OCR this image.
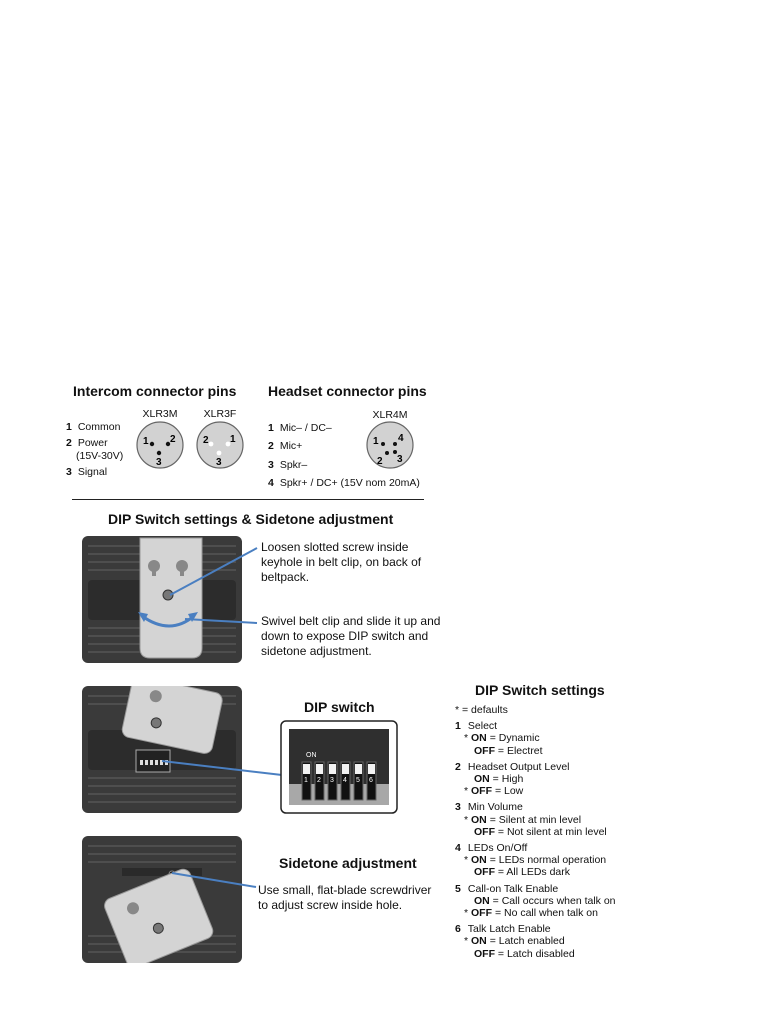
Intercom connector pins Headset connector pins
XLR3M	XLR3F	XLR4M
1 Common
2 Power
(15V-30V)
3 Signal
1 2
3
2 1
3
1 4
2 3
1 Mic– / DC–
2 Mic+
3 Spkr–
4 Spkr+ / DC+ (15V nom 20mA)
DIP Switch settings & Sidetone adjustment
Loosen slotted screw inside keyhole in belt clip, on back of beltpack.
Swivel belt clip and slide it up and down to expose DIP switch and sidetone adjustment.
DIP switch
ON
1 2 3 4 5 6
Sidetone adjustment
Use small, flat-blade screwdriver to adjust screw inside hole.
DIP Switch settings
* = defaults
1 Select
* ON = Dynamic
OFF = Electret
2 Headset Output Level
ON = High
* OFF = Low
3 Min Volume
* ON = Silent at min level
OFF = Not silent at min level
4 LEDs On/Off
* ON = LEDs normal operation
OFF = All LEDs dark
5 Call-on Talk Enable
ON = Call occurs when talk on
* OFF = No call when talk on
6 Talk Latch Enable
* ON = Latch enabled
OFF = Latch disabled
